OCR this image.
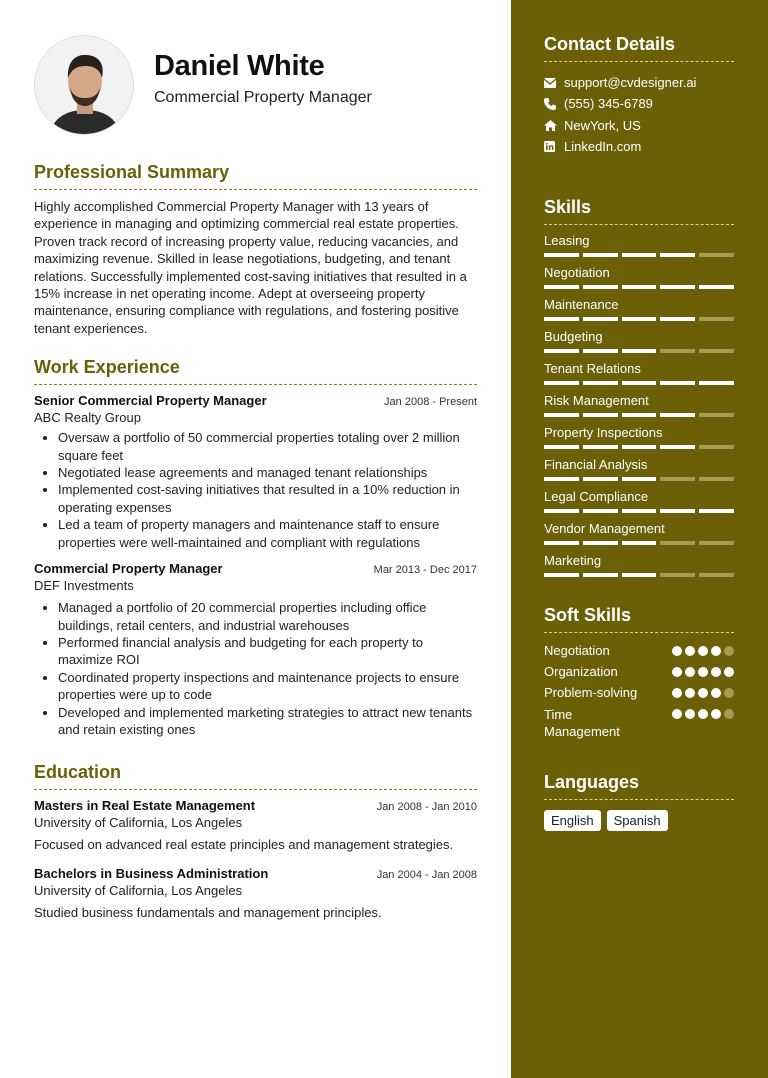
Daniel White
Commercial Property Manager
Professional Summary

Highly accomplished Commercial Property Manager with 13 years of experience in managing and optimizing commercial real estate properties. Proven track record of increasing property value, reducing vacancies, and maximizing revenue. Skilled in lease negotiations, budgeting, and tenant relations. Successfully implemented cost-saving initiatives that resulted in a 15% increase in net operating income. Adept at overseeing property maintenance, ensuring compliance with regulations, and fostering positive tenant experiences.

Work Experience
Senior Commercial Property Manager	Jan 2008 - Present
ABC Realty Group
• Oversaw a portfolio of 50 commercial properties totaling over 2 million square feet
• Negotiated lease agreements and managed tenant relationships
• Implemented cost-saving initiatives that resulted in a 10% reduction in operating expenses
• Led a team of property managers and maintenance staff to ensure properties were well-maintained and compliant with regulations
Commercial Property Manager	Mar 2013 - Dec 2017
DEF Investments
• Managed a portfolio of 20 commercial properties including office buildings, retail centers, and industrial warehouses
• Performed financial analysis and budgeting for each property to maximize ROI
• Coordinated property inspections and maintenance projects to ensure properties were up to code
• Developed and implemented marketing strategies to attract new tenants and retain existing ones
Education
Masters in Real Estate Management	Jan 2008 - Jan 2010
University of California, Los Angeles
Focused on advanced real estate principles and management strategies.
Bachelors in Business Administration	Jan 2004 - Jan 2008
University of California, Los Angeles
Studied business fundamentals and management principles.
Contact Details
support@cvdesigner.ai
(555) 345-6789
NewYork, US
LinkedIn.com
Skills
Leasing
Negotiation
Maintenance
Budgeting
Tenant Relations
Risk Management
Property Inspections
Financial Analysis
Legal Compliance
Vendor Management
Marketing
Soft Skills
Negotiation
Organization
Problem-solving
Time Management
Languages
English	Spanish
